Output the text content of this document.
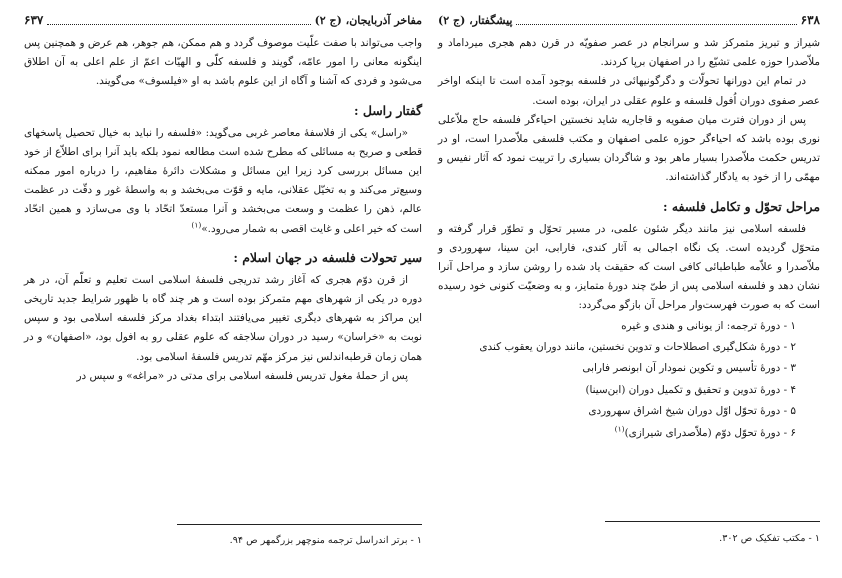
مفاخر آذربایجان، (ج ۲)
۶۳۷

واجب می‌تواند با صفت علّیت موصوف گردد و هم ممکن، هم جوهر، هم عرض و همچنین پس اینگونه معانی را امور عامّه، گویند و فلسفه کلّی و الهیّات اعمّ از علم اعلی به آن اطلاق می‌شود و فردی که آشنا و آگاه از این علوم باشد به او «فیلسوف» می‌گویند.

گفتار راسل :

«راسل» یکی از فلاسفهٔ معاصر غربی می‌گوید: «فلسفه را نباید به خیال تحصیل پاسخهای قطعی و صریح به مسائلی که مطرح شده است مطالعه نمود بلکه باید آنرا برای اطلاّع از خود این مسائل بررسی کرد زیرا این مسائل و مشکلات دائرهٔ مفاهیم، را درباره امور ممکنه وسیع‌تر می‌کند و به تخیّل عقلانی، مایه و قوّت می‌بخشد و به واسطهٔ غور و دقّت در عظمت عالم، ذهن را عظمت و وسعت می‌بخشد و آنرا مستعدّ اتحّاد با وی می‌سازد و همین اتحّاد است که خیر اعلی و غایت اقصی به شمار می‌رود.»$^{(۱)}$

سیر تحولات فلسفه در جهان اسلام :

از قرن دوّم هجری که آغاز رشد تدریجی فلسفهٔ اسلامی است تعلیم و تعلّم آن، در هر دوره در یکی از شهرهای مهم متمرکز بوده است و هر چند گاه با ظهور شرایط جدید تاریخی این مراکز به شهرهای دیگری تغییر می‌یافتند ابتداء بغداد مرکز فلسفه اسلامی بود و سپس نوبت به «خراسان» رسید در دوران سلاجقه که علوم عقلی رو به افول بود، «اصفهان» و در همان زمان قرطبه‌اندلس نیز مرکز مهّم تدریس فلسفهٔ اسلامی بود.

پس از حملهٔ مغول تدریس فلسفه اسلامی برای مدتی در «مراغه» و سپس در

۱ - برتر اندراسل ترجمه منوچهر بزرگمهر ص ۹۴.
۶۳۸
پیشگفتار، (ج ۲)

شیراز و تبریز متمرکز شد و سرانجام در عصر صفویّه در قرن دهم هجری میرداماد و ملاّصدرا حوزه علمی تشیّع را در اصفهان برپا کردند.

در تمام این دورانها تحولّات و دگرگونیهائی در فلسفه بوجود آمده است تا اینکه اواخر عصر صفوی دوران اُفول فلسفه و علوم عقلی در ایران، بوده است.

پس از دوران فترت میان صفویه و قاجاریه شاید نخستین احیاءگر فلسفه حاج ملاّعلی نوری بوده باشد که احیاءگر حوزه علمی اصفهان و مکتب فلسفی ملاّصدرا است، او در تدریس حکمت ملاّصدرا بسیار ماهر بود و شاگردان بسیاری را تربیت نمود که آثار نفیس و مهمّی را از خود به یادگار گذاشته‌اند.

مراحل تحوّل و تکامل فلسفه :

فلسفه اسلامی نیز مانند دیگر شئون علمی، در مسیر تحوّل و تطوّر قرار گرفته و متحوّل گردیده است. یک نگاه اجمالی به آثار کندی، فارابی، ابن سینا، سهروردی و ملاّصدرا و علاّمه طباطبائی کافی است که حقیقت یاد شده را روشن سازد و مراحل آنرا نشان دهد و فلسفه اسلامی پس از طیّ چند دورهٔ متمایز، و به وضعیّت کنونی خود رسیده است که به صورت فهرست‌وار مراحل آن بازگو می‌گردد:

۱ - دورهٔ ترجمه: از یونانی و هندی و غیره

۲ - دورهٔ شکل‌گیری اصطلاحات و تدوین نخستین، مانند دوران یعقوب کندی

۳ - دورهٔ تأسیس و تکوین نمودار آن ابونصر فارابی

۴ - دورهٔ تدوین و تحقیق و تکمیل دوران (ابن‌سینا)

۵ - دورهٔ تحوّل اوّل دوران شیخ اشراق سهروردی

۶ - دورهٔ تحوّل دوّم (ملاّصدرای شیرازی)$^{(۱)}$

۱ - مکتب تفکیک ص ۳۰۲.
